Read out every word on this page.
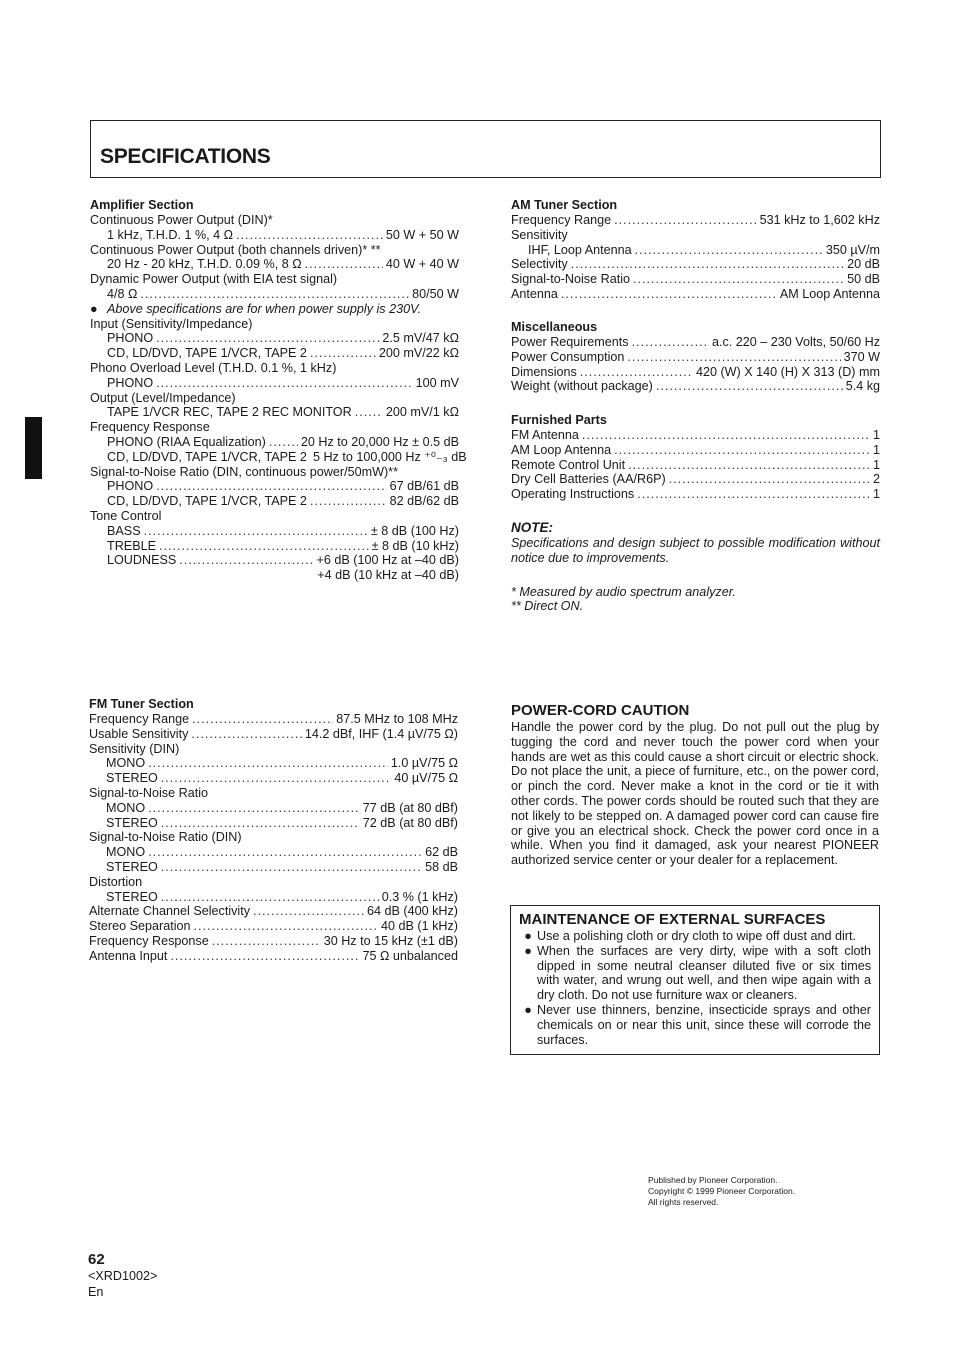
SPECIFICATIONS
Amplifier Section
Continuous Power Output (DIN)*
1 kHz, T.H.D. 1 %, 4 Ω .....	50 W + 50 W
Continuous Power Output (both channels driven)* **
20 Hz - 20 kHz, T.H.D. 0.09 %, 8 Ω .....	40 W + 40 W
Dynamic Power Output (with EIA test signal)
4/8 Ω .....	80/50 W
● Above specifications are for when power supply is 230V.
Input (Sensitivity/Impedance)
PHONO .....	2.5 mV/47 kΩ
CD, LD/DVD, TAPE 1/VCR, TAPE 2 .....	200 mV/22 kΩ
Phono Overload Level (T.H.D. 0.1 %, 1 kHz)
PHONO .....	100 mV
Output (Level/Impedance)
TAPE 1/VCR REC, TAPE 2 REC MONITOR .....	200 mV/1 kΩ
Frequency Response
PHONO (RIAA Equalization) .....	20 Hz to 20,000 Hz ± 0.5 dB
CD, LD/DVD, TAPE 1/VCR, TAPE 2 5 Hz to 100,000 Hz ⁺⁰₋₃ dB
Signal-to-Noise Ratio (DIN, continuous power/50mW)**
PHONO .....	67 dB/61 dB
CD, LD/DVD, TAPE 1/VCR, TAPE 2 .....	82 dB/62 dB
Tone Control
BASS .....	± 8 dB (100 Hz)
TREBLE .....	± 8 dB (10 kHz)
LOUDNESS .....	+6 dB (100 Hz at –40 dB)
+4 dB (10 kHz at –40 dB)
AM Tuner Section
Frequency Range .....	531 kHz to 1,602 kHz
Sensitivity
IHF, Loop Antenna .....	350 µV/m
Selectivity .....	20 dB
Signal-to-Noise Ratio .....	50 dB
Antenna .....	AM Loop Antenna
Miscellaneous
Power Requirements .....	a.c. 220 – 230 Volts, 50/60 Hz
Power Consumption .....	370 W
Dimensions .....	420 (W) X 140 (H) X 313 (D) mm
Weight (without package) .....	5.4 kg
Furnished Parts
FM Antenna .....	1
AM Loop Antenna .....	1
Remote Control Unit .....	1
Dry Cell Batteries (AA/R6P) .....	2
Operating Instructions .....	1
NOTE:
Specifications and design subject to possible modification without notice due to improvements.
* Measured by audio spectrum analyzer.
** Direct ON.
FM Tuner Section
Frequency Range .....	87.5 MHz to 108 MHz
Usable Sensitivity .....	14.2 dBf, IHF (1.4 µV/75 Ω)
Sensitivity (DIN)
MONO .....	1.0 µV/75 Ω
STEREO .....	40 µV/75 Ω
Signal-to-Noise Ratio
MONO .....	77 dB (at 80 dBf)
STEREO .....	72 dB (at 80 dBf)
Signal-to-Noise Ratio (DIN)
MONO .....	62 dB
STEREO .....	58 dB
Distortion
STEREO .....	0.3 % (1 kHz)
Alternate Channel Selectivity .....	64 dB (400 kHz)
Stereo Separation .....	40 dB (1 kHz)
Frequency Response .....	30 Hz to 15 kHz (±1 dB)
Antenna Input .....	75 Ω unbalanced
POWER-CORD CAUTION
Handle the power cord by the plug. Do not pull out the plug by tugging the cord and never touch the power cord when your hands are wet as this could cause a short circuit or electric shock. Do not place the unit, a piece of furniture, etc., on the power cord, or pinch the cord. Never make a knot in the cord or tie it with other cords. The power cords should be routed such that they are not likely to be stepped on. A damaged power cord can cause fire or give you an electrical shock. Check the power cord once in a while. When you find it damaged, ask your nearest PIONEER authorized service center or your dealer for a replacement.
MAINTENANCE OF EXTERNAL SURFACES
● Use a polishing cloth or dry cloth to wipe off dust and dirt.
● When the surfaces are very dirty, wipe with a soft cloth dipped in some neutral cleanser diluted five or six times with water, and wrung out well, and then wipe again with a dry cloth. Do not use furniture wax or cleaners.
● Never use thinners, benzine, insecticide sprays and other chemicals on or near this unit, since these will corrode the surfaces.
Published by Pioneer Corporation.
Copyright © 1999 Pioneer Corporation.
All rights reserved.
62
<XRD1002>
En
